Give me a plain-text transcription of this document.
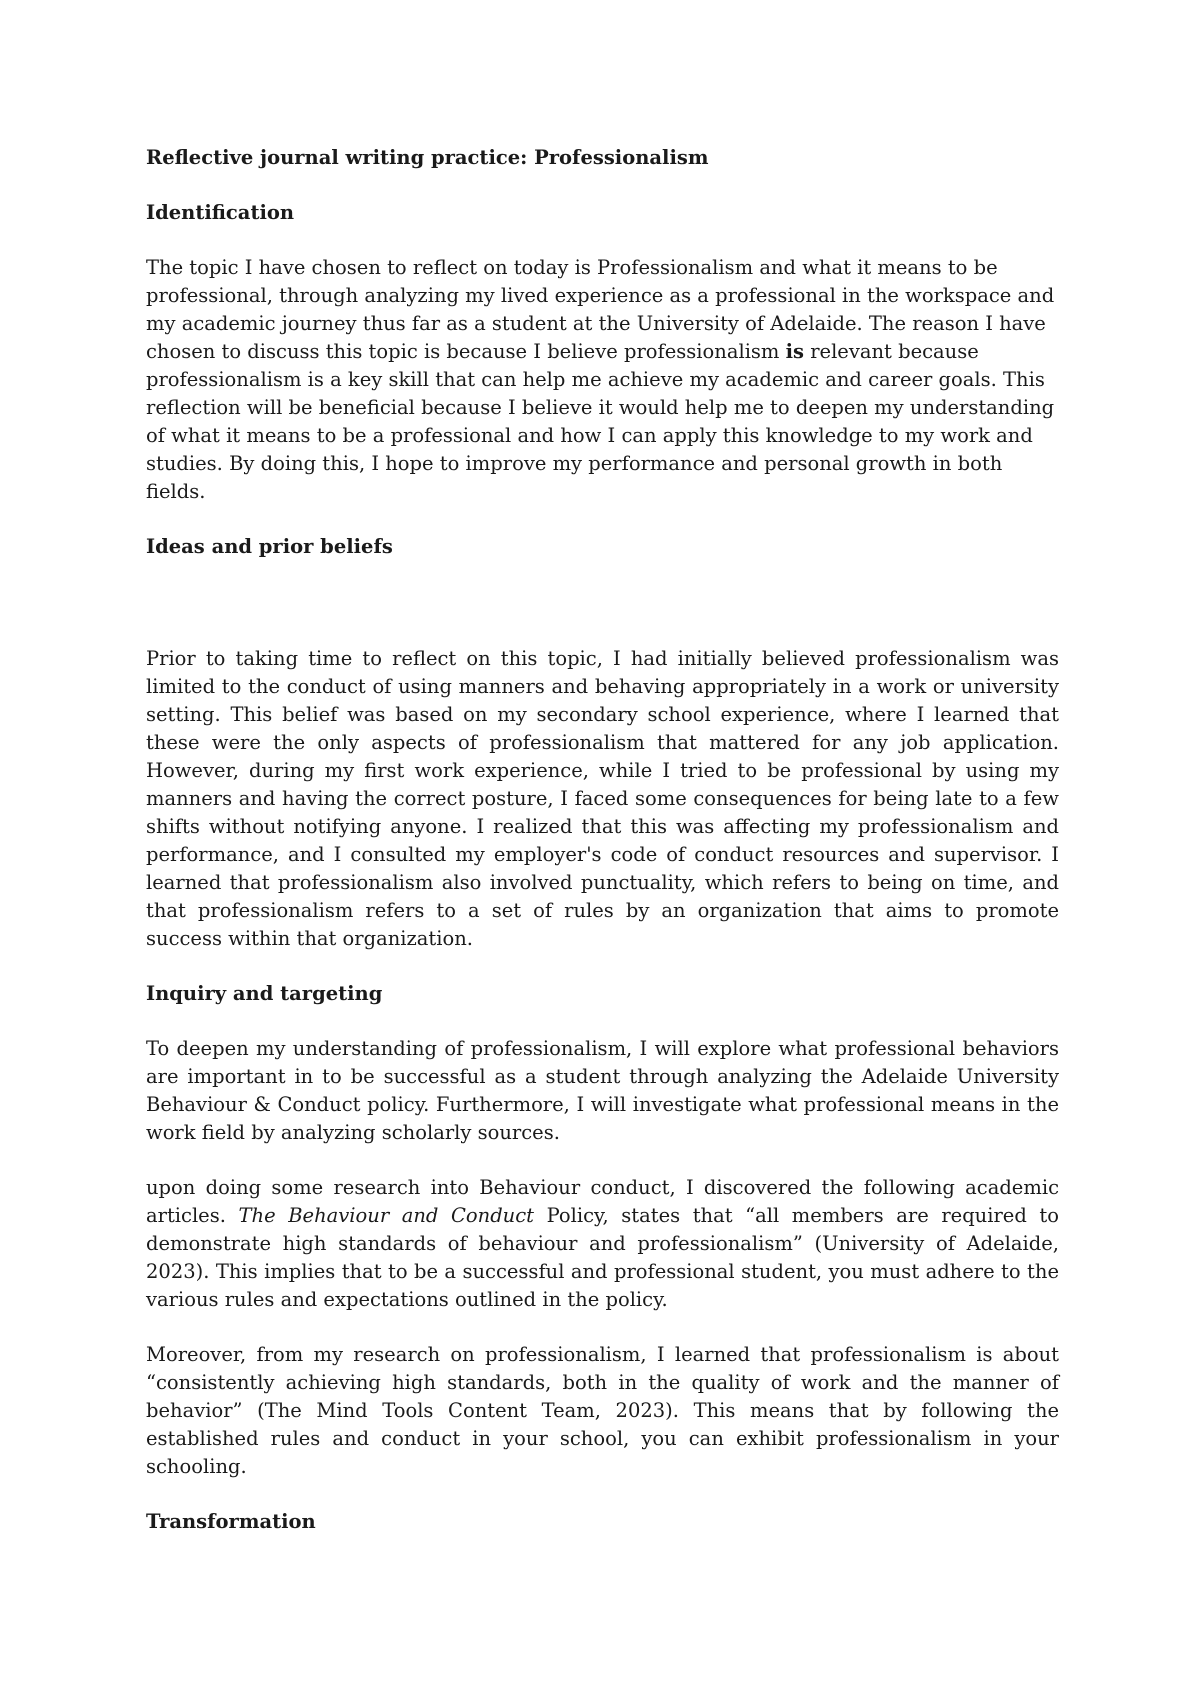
Reflective journal writing practice: Professionalism
Identification

The topic I have chosen to reflect on today is Professionalism and what it means to be professional, through analyzing my lived experience as a professional in the workspace and my academic journey thus far as a student at the University of Adelaide. The reason I have chosen to discuss this topic is because I believe professionalism is relevant because professionalism is a key skill that can help me achieve my academic and career goals. This reflection will be beneficial because I believe it would help me to deepen my understanding of what it means to be a professional and how I can apply this knowledge to my work and studies. By doing this, I hope to improve my performance and personal growth in both fields.

Ideas and prior beliefs

Prior to taking time to reflect on this topic, I had initially believed professionalism was limited to the conduct of using manners and behaving appropriately in a work or university setting. This belief was based on my secondary school experience, where I learned that these were the only aspects of professionalism that mattered for any job application. However, during my first work experience, while I tried to be professional by using my manners and having the correct posture, I faced some consequences for being late to a few shifts without notifying anyone. I realized that this was affecting my professionalism and performance, and I consulted my employer's code of conduct resources and supervisor. I learned that professionalism also involved punctuality, which refers to being on time, and that professionalism refers to a set of rules by an organization that aims to promote success within that organization.

Inquiry and targeting

To deepen my understanding of professionalism, I will explore what professional behaviors are important in to be successful as a student through analyzing the Adelaide University Behaviour & Conduct policy. Furthermore, I will investigate what professional means in the work field by analyzing scholarly sources.

upon doing some research into Behaviour conduct, I discovered the following academic articles. The Behaviour and Conduct Policy, states that “all members are required to demonstrate high standards of behaviour and professionalism” (University of Adelaide, 2023). This implies that to be a successful and professional student, you must adhere to the various rules and expectations outlined in the policy.

Moreover, from my research on professionalism, I learned that professionalism is about “consistently achieving high standards, both in the quality of work and the manner of behavior” (The Mind Tools Content Team, 2023). This means that by following the established rules and conduct in your school, you can exhibit professionalism in your schooling.

Transformation
